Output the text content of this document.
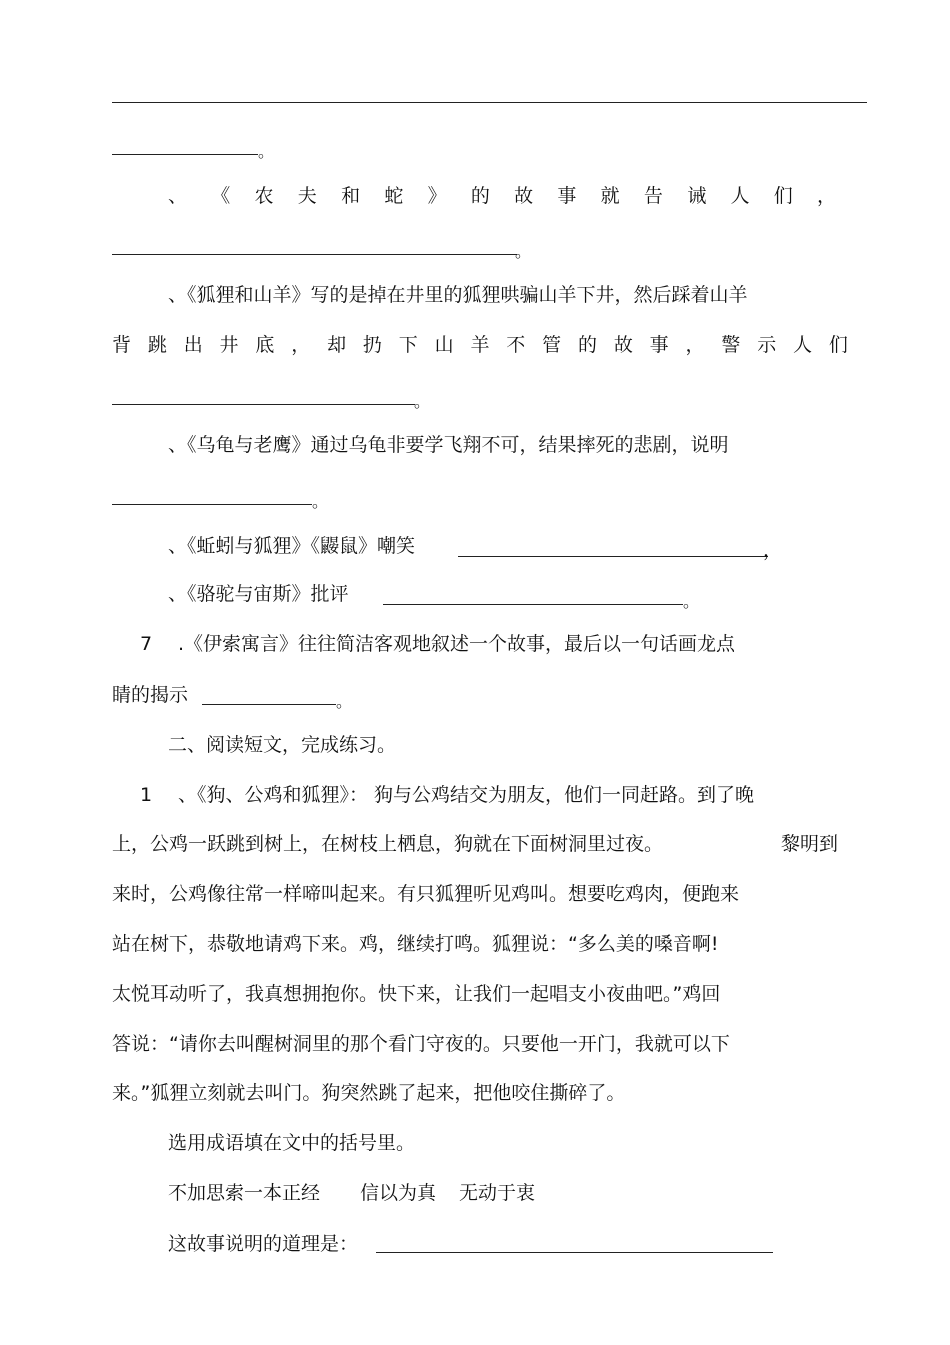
。
、 《 农 夫 和 蛇 》 的 故 事 就 告 诫 人 们 ，
。
、《狐狸和山羊》写的是掉在井里的狐狸哄骗山羊下井，然后踩着山羊
背 跳 出 井 底 ， 却 扔 下 山 羊 不 管 的 故 事 ， 警 示 人 们
。
、《乌龟与老鹰》通过乌龟非要学飞翔不可，结果摔死的悲剧，说明
。
、《蚯蚓与狐狸》《鼹鼠》嘲笑	，
、《骆驼与宙斯》批评	。
7 .《伊索寓言》往往简洁客观地叙述一个故事，最后以一句话画龙点
睛的揭示	。
二、阅读短文，完成练习。
1 、《狗、公鸡和狐狸》： 狗与公鸡结交为朋友，他们一同赶路。到了晚
上，公鸡一跃跳到树上，在树枝上栖息，狗就在下面树洞里过夜。	黎明到
来时，公鸡像往常一样啼叫起来。有只狐狸听见鸡叫。想要吃鸡肉，便跑来
站在树下，恭敬地请鸡下来。鸡，继续打鸣。狐狸说：“多么美的嗓音啊!
太悦耳动听了，我真想拥抱你。快下来，让我们一起唱支小夜曲吧。”鸡回
答说：“请你去叫醒树洞里的那个看门守夜的。只要他一开门，我就可以下
来。”狐狸立刻就去叫门。狗突然跳了起来，把他咬住撕碎了。
选用成语填在文中的括号里。
不加思索一本正经 信以为真 无动于衷
这故事说明的道理是：
